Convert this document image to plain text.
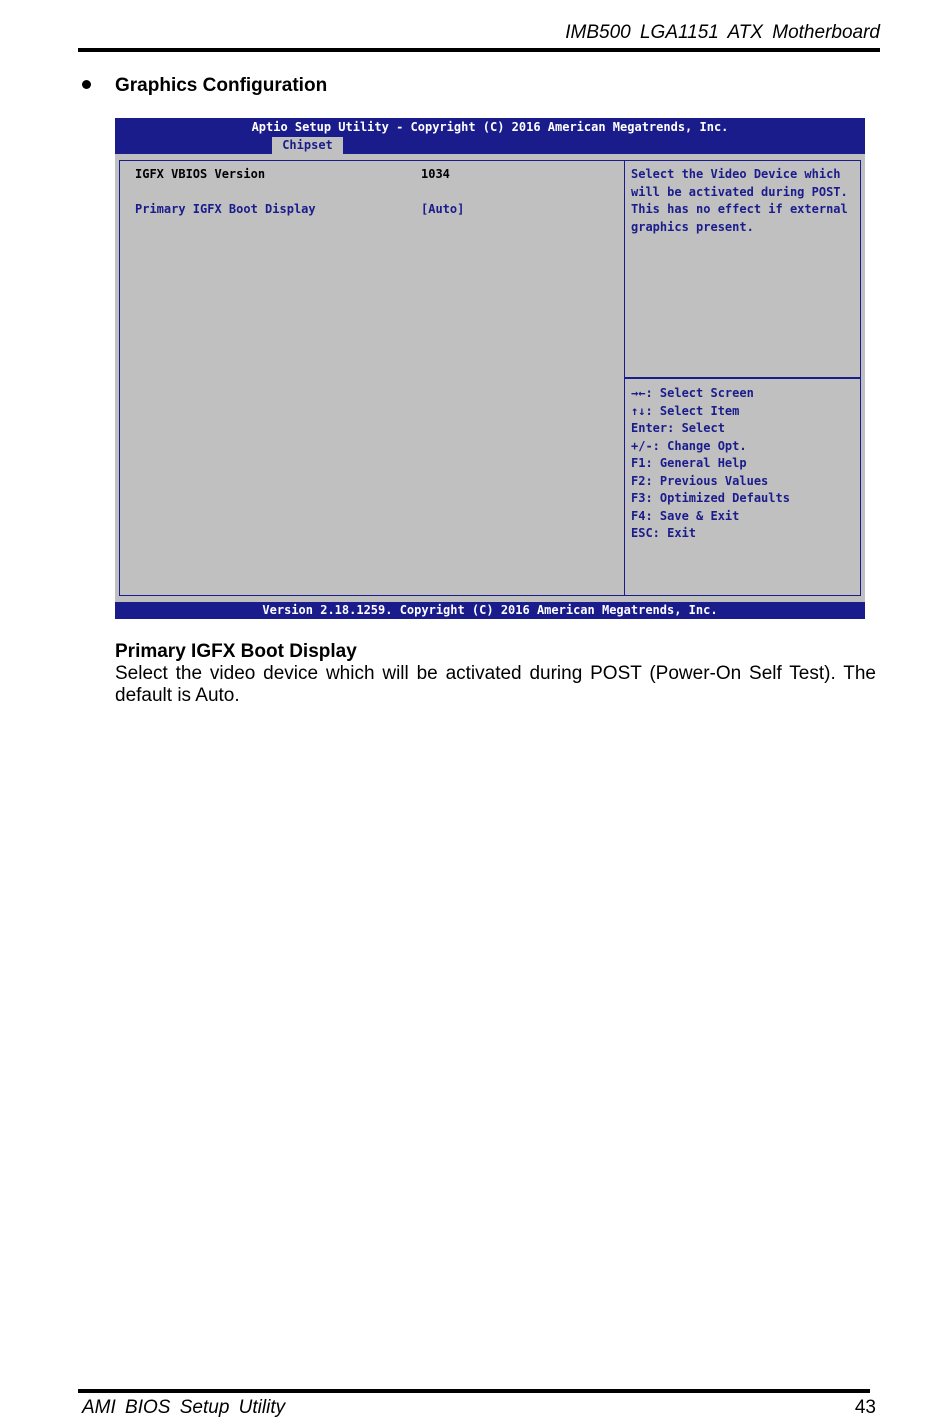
IMB500 LGA1151 ATX Motherboard
Graphics Configuration
Aptio Setup Utility - Copyright (C) 2016 American Megatrends, Inc.
Chipset
IGFX VBIOS Version	1034
Primary IGFX Boot Display	[Auto]
Select the Video Device which
will be activated during POST.
This has no effect if external
graphics present.
→←: Select Screen
↑↓: Select Item
Enter: Select
+/-: Change Opt.
F1: General Help
F2: Previous Values
F3: Optimized Defaults
F4: Save & Exit
ESC: Exit
Version 2.18.1259. Copyright (C) 2016 American Megatrends, Inc.
Primary IGFX Boot Display
Select the video device which will be activated during POST (Power-On Self Test). The default is Auto.
AMI BIOS Setup Utility	43
